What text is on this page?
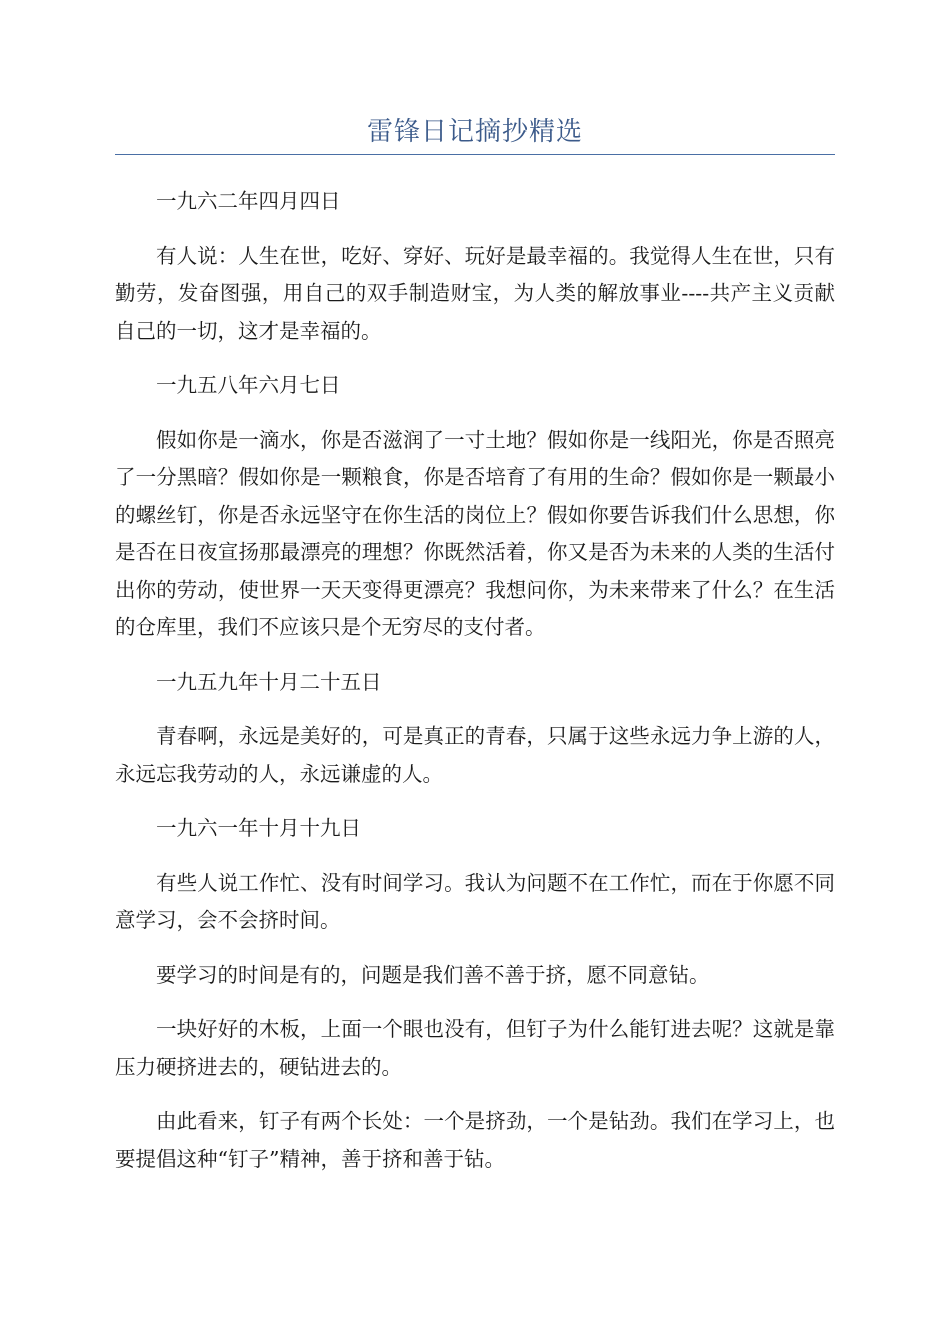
雷锋日记摘抄精选

一九六二年四月四日

有人说：人生在世，吃好、穿好、玩好是最幸福的。我觉得人生在世，只有勤劳，发奋图强，用自己的双手制造财宝，为人类的解放事业----共产主义贡献自己的一切，这才是幸福的。

一九五八年六月七日

假如你是一滴水，你是否滋润了一寸土地？假如你是一线阳光，你是否照亮了一分黑暗？假如你是一颗粮食，你是否培育了有用的生命？假如你是一颗最小的螺丝钉，你是否永远坚守在你生活的岗位上？假如你要告诉我们什么思想，你是否在日夜宣扬那最漂亮的理想？你既然活着，你又是否为未来的人类的生活付出你的劳动，使世界一天天变得更漂亮？我想问你，为未来带来了什么？在生活的仓库里，我们不应该只是个无穷尽的支付者。

一九五九年十月二十五日

青春啊，永远是美好的，可是真正的青春，只属于这些永远力争上游的人，永远忘我劳动的人，永远谦虚的人。

一九六一年十月十九日

有些人说工作忙、没有时间学习。我认为问题不在工作忙，而在于你愿不同意学习，会不会挤时间。

要学习的时间是有的，问题是我们善不善于挤，愿不同意钻。

一块好好的木板，上面一个眼也没有，但钉子为什么能钉进去呢？这就是靠压力硬挤进去的，硬钻进去的。

由此看来，钉子有两个长处：一个是挤劲，一个是钻劲。我们在学习上，也要提倡这种“钉子”精神，善于挤和善于钻。
